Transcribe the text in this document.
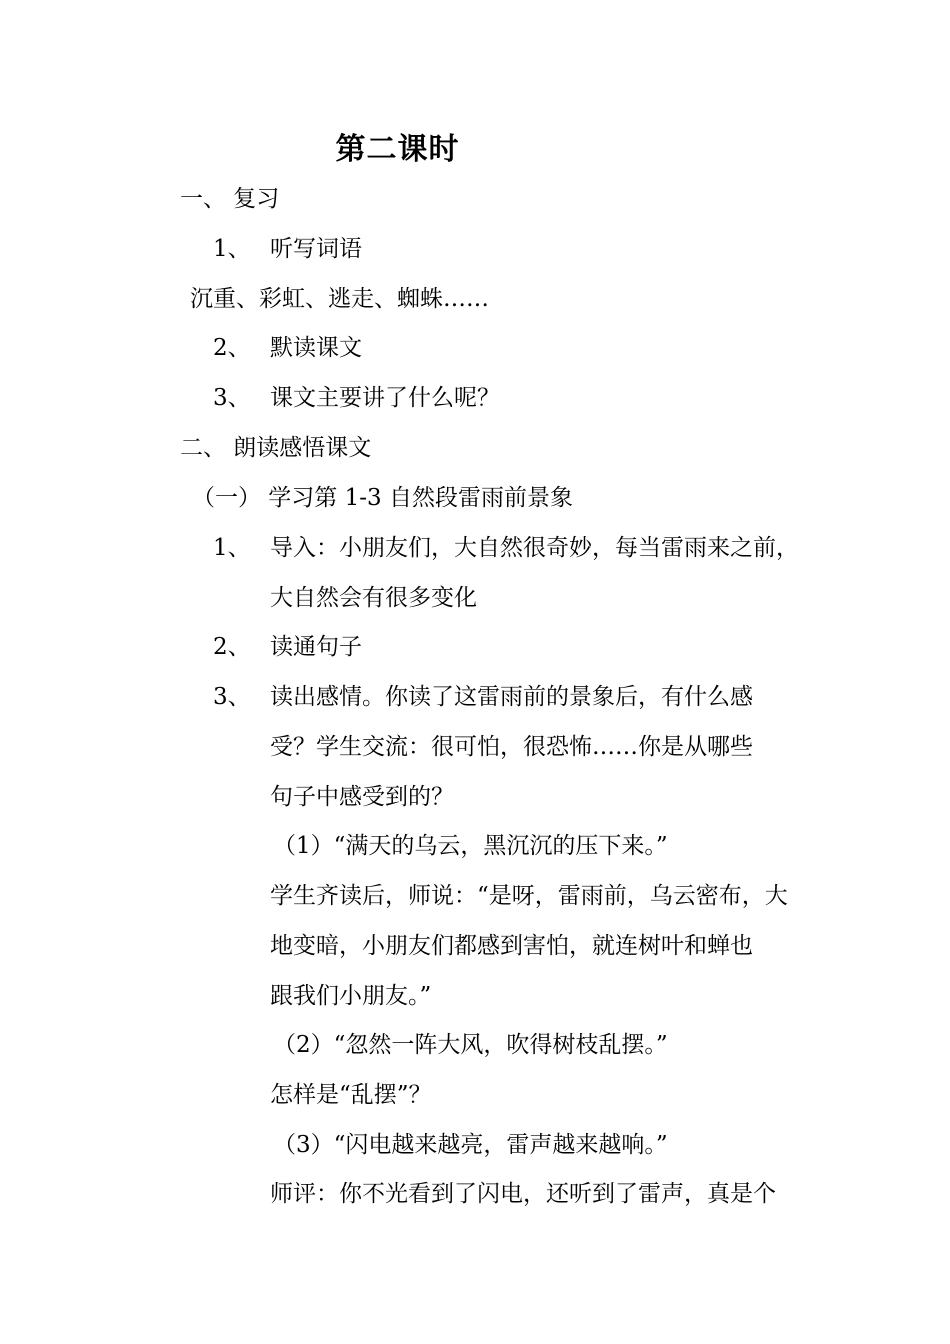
第二课时
一、 复习
1、 听写词语
沉重、彩虹、逃走、蜘蛛……
2、 默读课文
3、 课文主要讲了什么呢？
二、 朗读感悟课文
（一） 学习第 1-3 自然段雷雨前景象
1、 导入：小朋友们，大自然很奇妙，每当雷雨来之前，
大自然会有很多变化
2、 读通句子
3、 读出感情。你读了这雷雨前的景象后，有什么感
受？学生交流：很可怕，很恐怖……你是从哪些
句子中感受到的？
（1）“满天的乌云，黑沉沉的压下来。”
学生齐读后，师说：“是呀，雷雨前，乌云密布，大
地变暗，小朋友们都感到害怕，就连树叶和蝉也
跟我们小朋友。”
（2）“忽然一阵大风，吹得树枝乱摆。”
怎样是“乱摆”？
（3）“闪电越来越亮，雷声越来越响。”
师评：你不光看到了闪电，还听到了雷声，真是个
